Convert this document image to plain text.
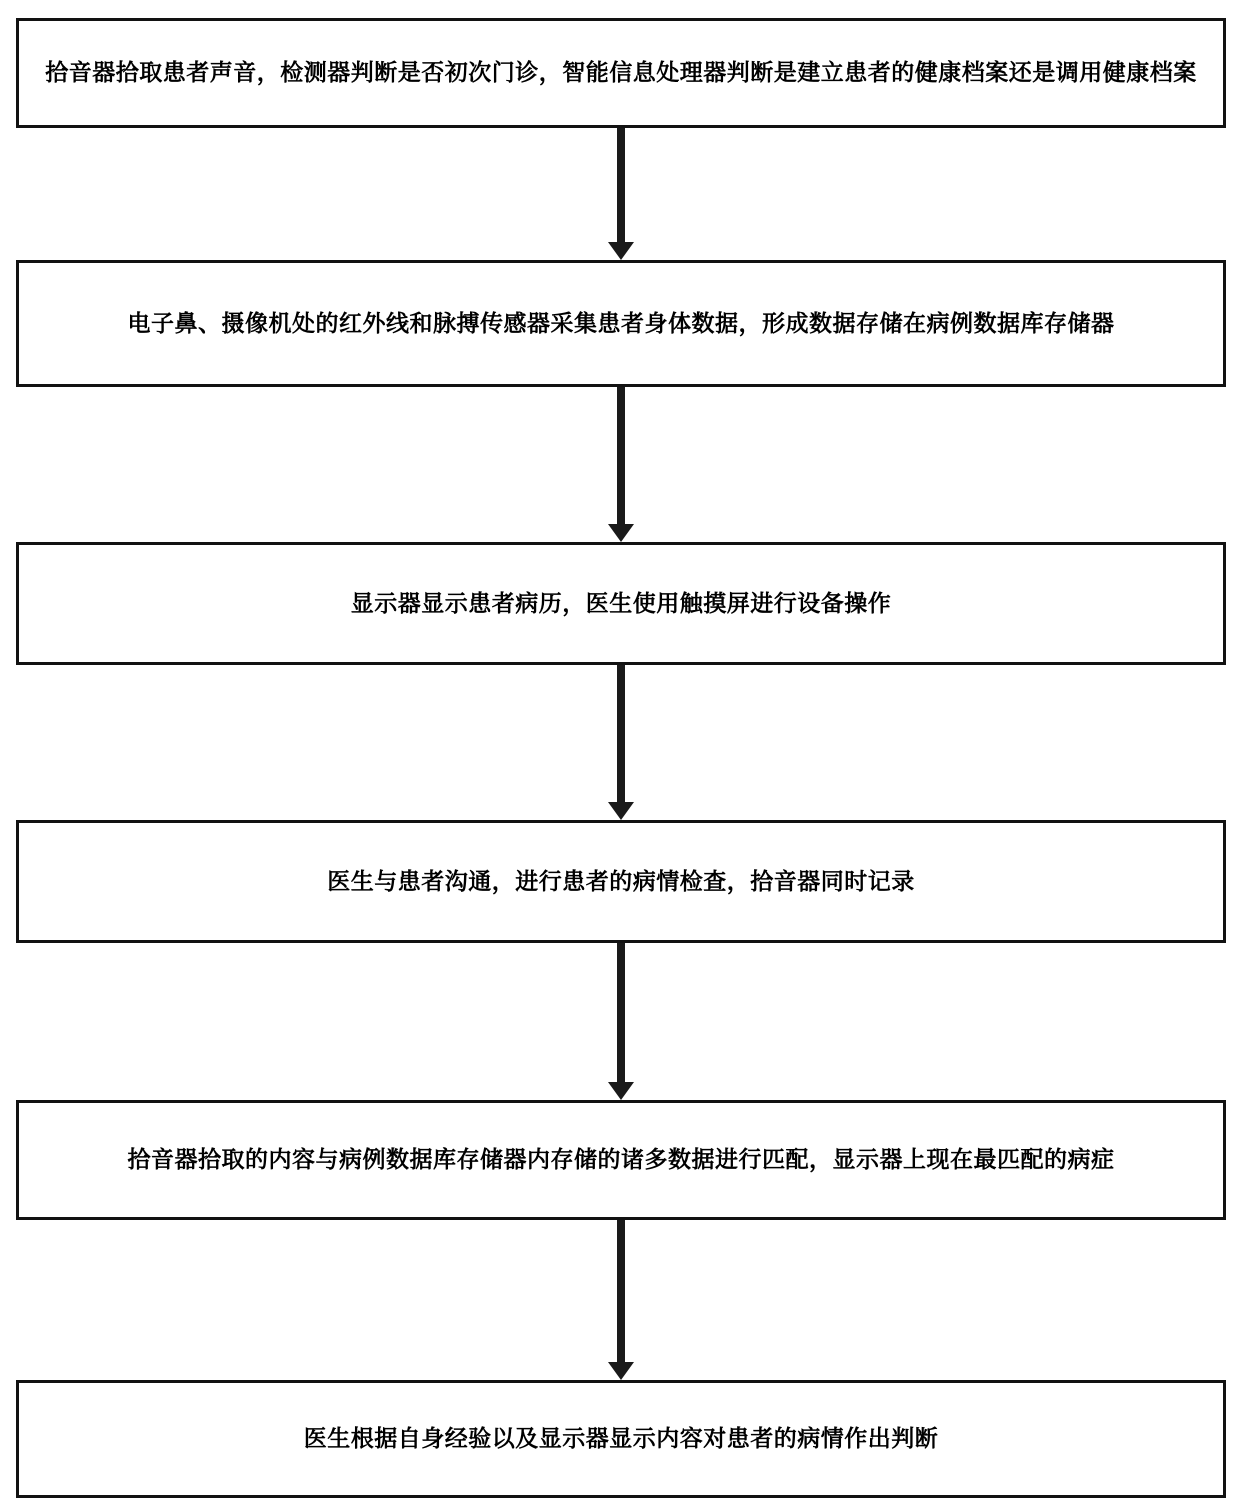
拾音器拾取患者声音，检测器判断是否初次门诊，智能信息处理器判断是建立患者的健康档案还是调用健康档案
电子鼻、摄像机处的红外线和脉搏传感器采集患者身体数据，形成数据存储在病例数据库存储器
显示器显示患者病历，医生使用触摸屏进行设备操作
医生与患者沟通，进行患者的病情检查，拾音器同时记录
拾音器拾取的内容与病例数据库存储器内存储的诸多数据进行匹配，显示器上现在最匹配的病症
医生根据自身经验以及显示器显示内容对患者的病情作出判断
